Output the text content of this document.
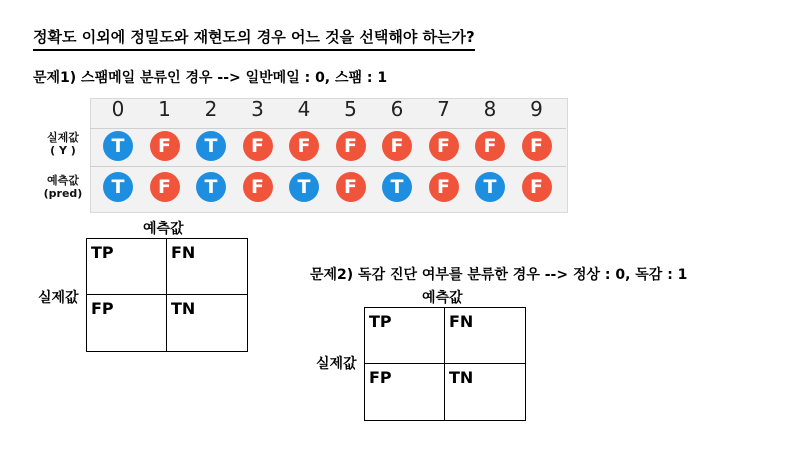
정확도 이외에 정밀도와 재현도의 경우 어느 것을 선택해야 하는가?
문제1) 스팸메일 분류인 경우 --> 일반메일 : 0, 스팸 : 1
0	1	2	3	4	5	6	7	8	9
실제값
( Y )
예측값
(pred)
T	F	T	F	F	F	F	F	F	F
T	F	T	F	T	F	T	F	T	F
예측값
실제값
TP	FN
FP	TN
문제2) 독감 진단 여부를 분류한 경우 --> 정상 : 0, 독감 : 1
예측값
실제값
TP	FN
FP	TN
